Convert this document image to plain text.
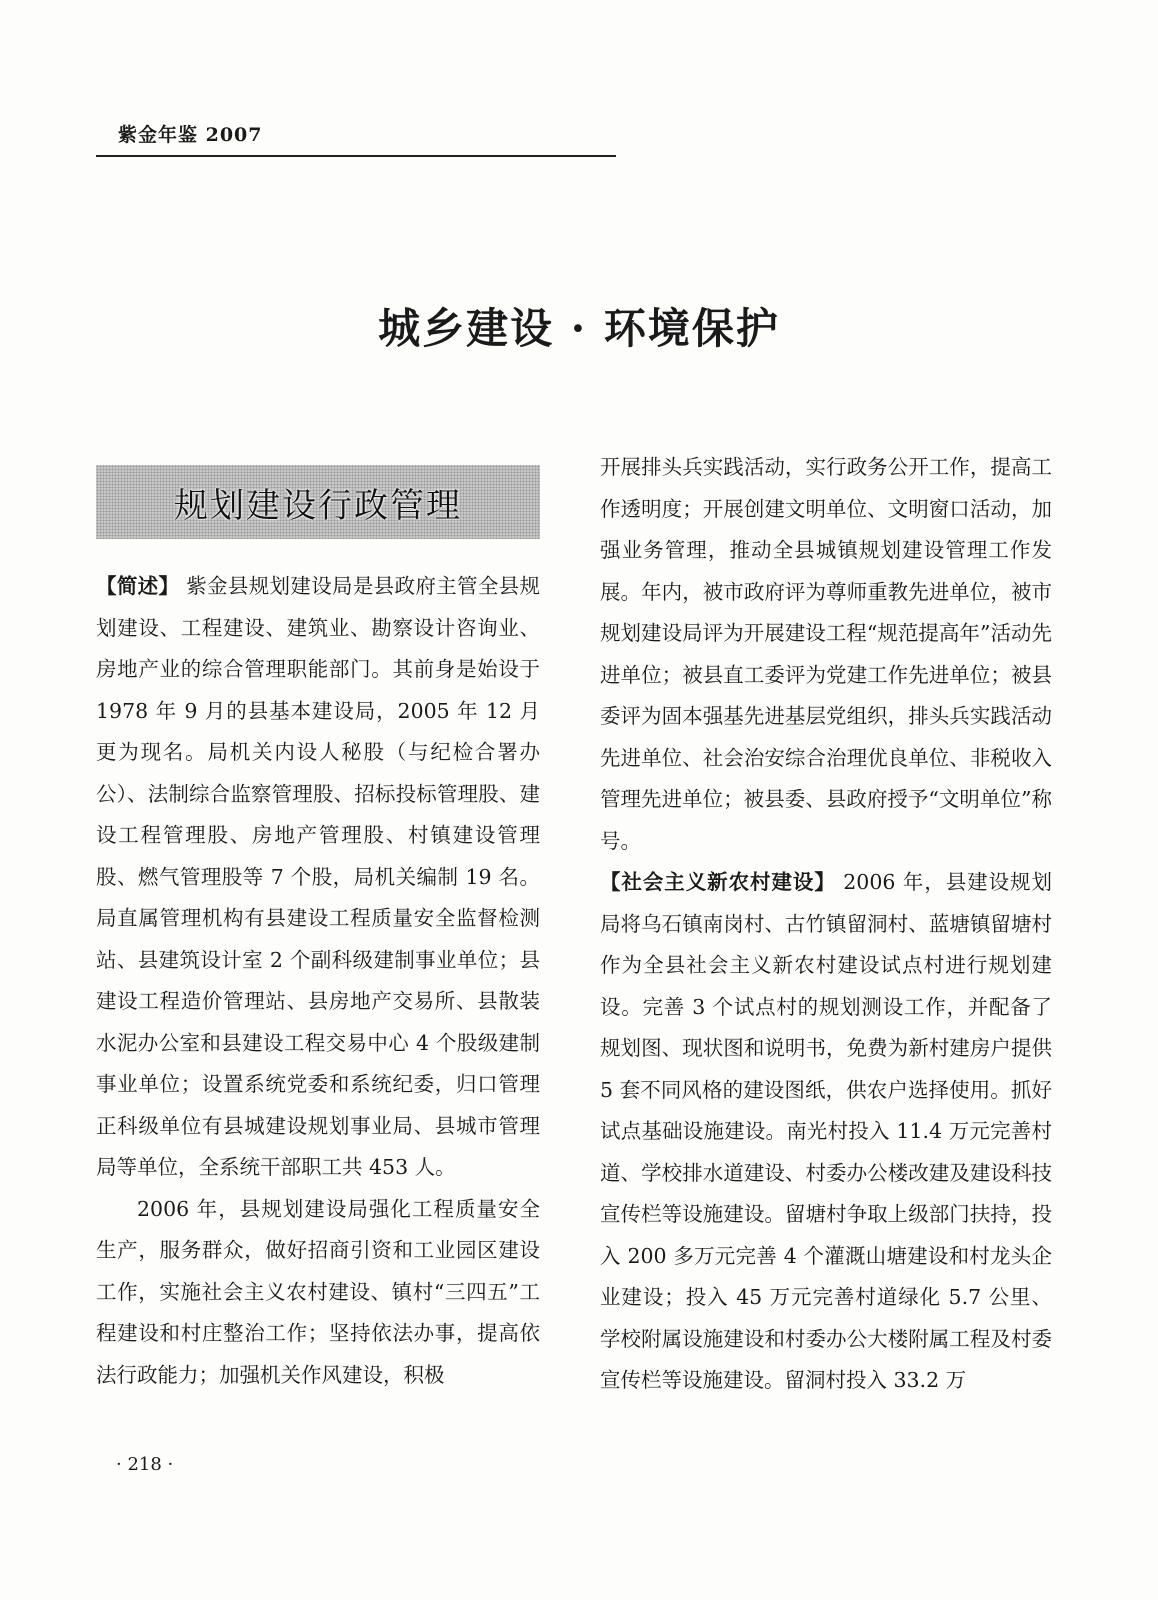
紫金年鉴 2007
城乡建设 · 环境保护
规划建设行政管理

【简述】 紫金县规划建设局是县政府主管全县规划建设、工程建设、建筑业、勘察设计咨询业、房地产业的综合管理职能部门。其前身是始设于 1978 年 9 月的县基本建设局，2005 年 12 月更为现名。局机关内设人秘股（与纪检合署办公）、法制综合监察管理股、招标投标管理股、建设工程管理股、房地产管理股、村镇建设管理股、燃气管理股等 7 个股，局机关编制 19 名。局直属管理机构有县建设工程质量安全监督检测站、县建筑设计室 2 个副科级建制事业单位；县建设工程造价管理站、县房地产交易所、县散装水泥办公室和县建设工程交易中心 4 个股级建制事业单位；设置系统党委和系统纪委，归口管理正科级单位有县城建设规划事业局、县城市管理局等单位，全系统干部职工共 453 人。

2006 年，县规划建设局强化工程质量安全生产，服务群众，做好招商引资和工业园区建设工作，实施社会主义农村建设、镇村“三四五”工程建设和村庄整治工作；坚持依法办事，提高依法行政能力；加强机关作风建设，积极

开展排头兵实践活动，实行政务公开工作，提高工作透明度；开展创建文明单位、文明窗口活动，加强业务管理，推动全县城镇规划建设管理工作发展。年内，被市政府评为尊师重教先进单位，被市规划建设局评为开展建设工程“规范提高年”活动先进单位；被县直工委评为党建工作先进单位；被县委评为固本强基先进基层党组织，排头兵实践活动先进单位、社会治安综合治理优良单位、非税收入管理先进单位；被县委、县政府授予“文明单位”称号。

【社会主义新农村建设】 2006 年，县建设规划局将乌石镇南岗村、古竹镇留洞村、蓝塘镇留塘村作为全县社会主义新农村建设试点村进行规划建设。完善 3 个试点村的规划测设工作，并配备了规划图、现状图和说明书，免费为新村建房户提供 5 套不同风格的建设图纸，供农户选择使用。抓好试点基础设施建设。南光村投入 11.4 万元完善村道、学校排水道建设、村委办公楼改建及建设科技宣传栏等设施建设。留塘村争取上级部门扶持，投入 200 多万元完善 4 个灌溉山塘建设和村龙头企业建设；投入 45 万元完善村道绿化 5.7 公里、学校附属设施建设和村委办公大楼附属工程及村委宣传栏等设施建设。留洞村投入 33.2 万

· 218 ·
